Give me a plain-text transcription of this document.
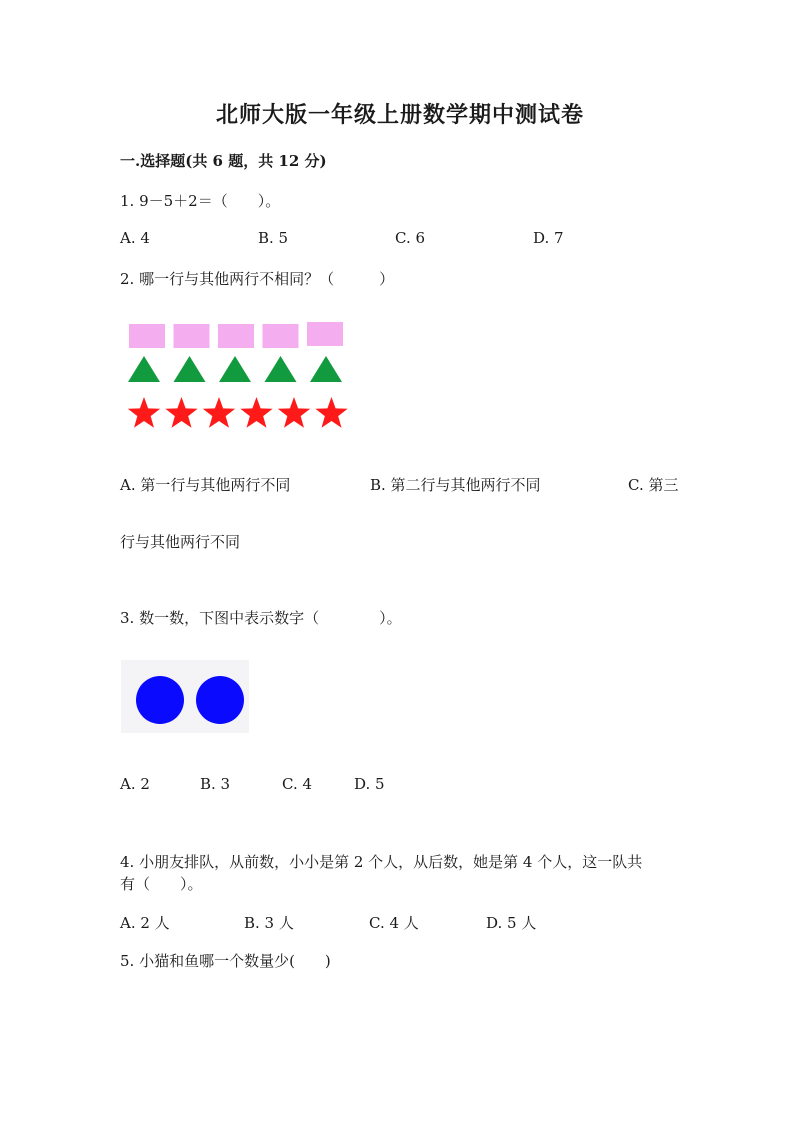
北师大版一年级上册数学期中测试卷
一.选择题(共 6 题，共 12 分)
1. 9－5＋2＝（　　）。
A. 4	B. 5	C. 6	D. 7
2. 哪一行与其他两行不相同？（　　　）
A. 第一行与其他两行不同	B. 第二行与其他两行不同	C. 第三
行与其他两行不同
3. 数一数，下图中表示数字（　　　　）。
A. 2	B. 3	C. 4	D. 5
4. 小朋友排队，从前数，小小是第 2 个人，从后数，她是第 4 个人，这一队共
有（　　）。
A. 2 人	B. 3 人	C. 4 人	D. 5 人
5. 小猫和鱼哪一个数量少(　　)
